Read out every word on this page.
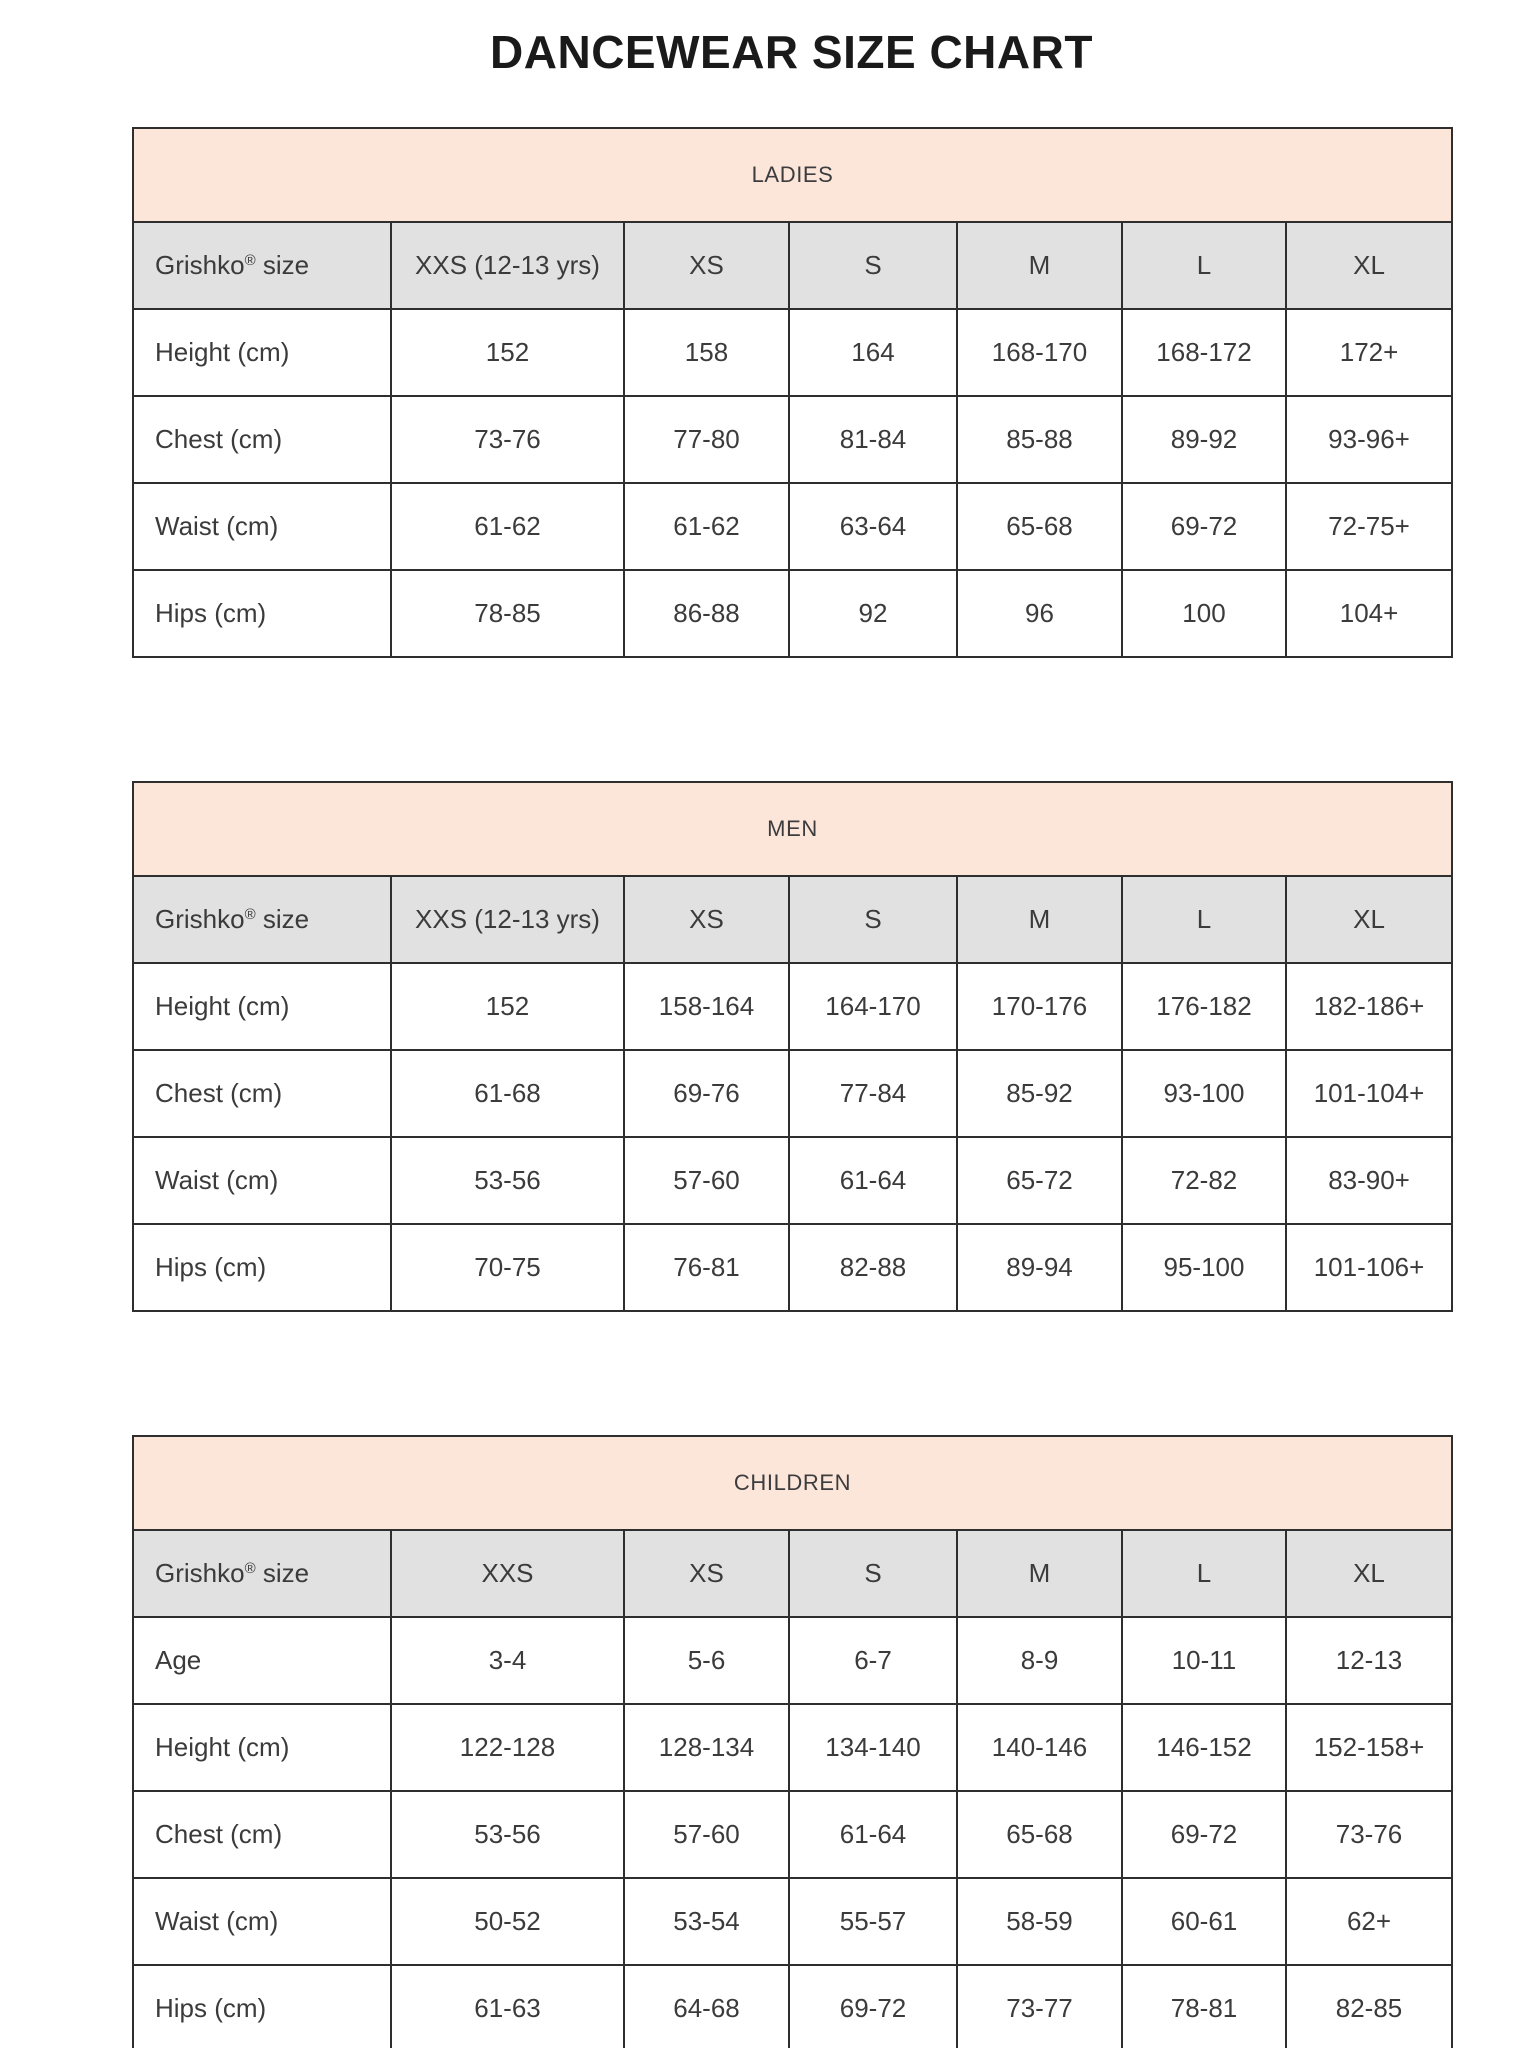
DANCEWEAR SIZE CHART
LADIES						
Grishko® size	XXS (12-13 yrs)	XS	S	M	L	XL
Height (cm)	152	158	164	168-170	168-172	172+
Chest (cm)	73-76	77-80	81-84	85-88	89-92	93-96+
Waist (cm)	61-62	61-62	63-64	65-68	69-72	72-75+
Hips (cm)	78-85	86-88	92	96	100	104+
MEN						
Grishko® size	XXS (12-13 yrs)	XS	S	M	L	XL
Height (cm)	152	158-164	164-170	170-176	176-182	182-186+
Chest (cm)	61-68	69-76	77-84	85-92	93-100	101-104+
Waist (cm)	53-56	57-60	61-64	65-72	72-82	83-90+
Hips (cm)	70-75	76-81	82-88	89-94	95-100	101-106+
CHILDREN						
Grishko® size	XXS	XS	S	M	L	XL
Age	3-4	5-6	6-7	8-9	10-11	12-13
Height (cm)	122-128	128-134	134-140	140-146	146-152	152-158+
Chest (cm)	53-56	57-60	61-64	65-68	69-72	73-76
Waist (cm)	50-52	53-54	55-57	58-59	60-61	62+
Hips (cm)	61-63	64-68	69-72	73-77	78-81	82-85
